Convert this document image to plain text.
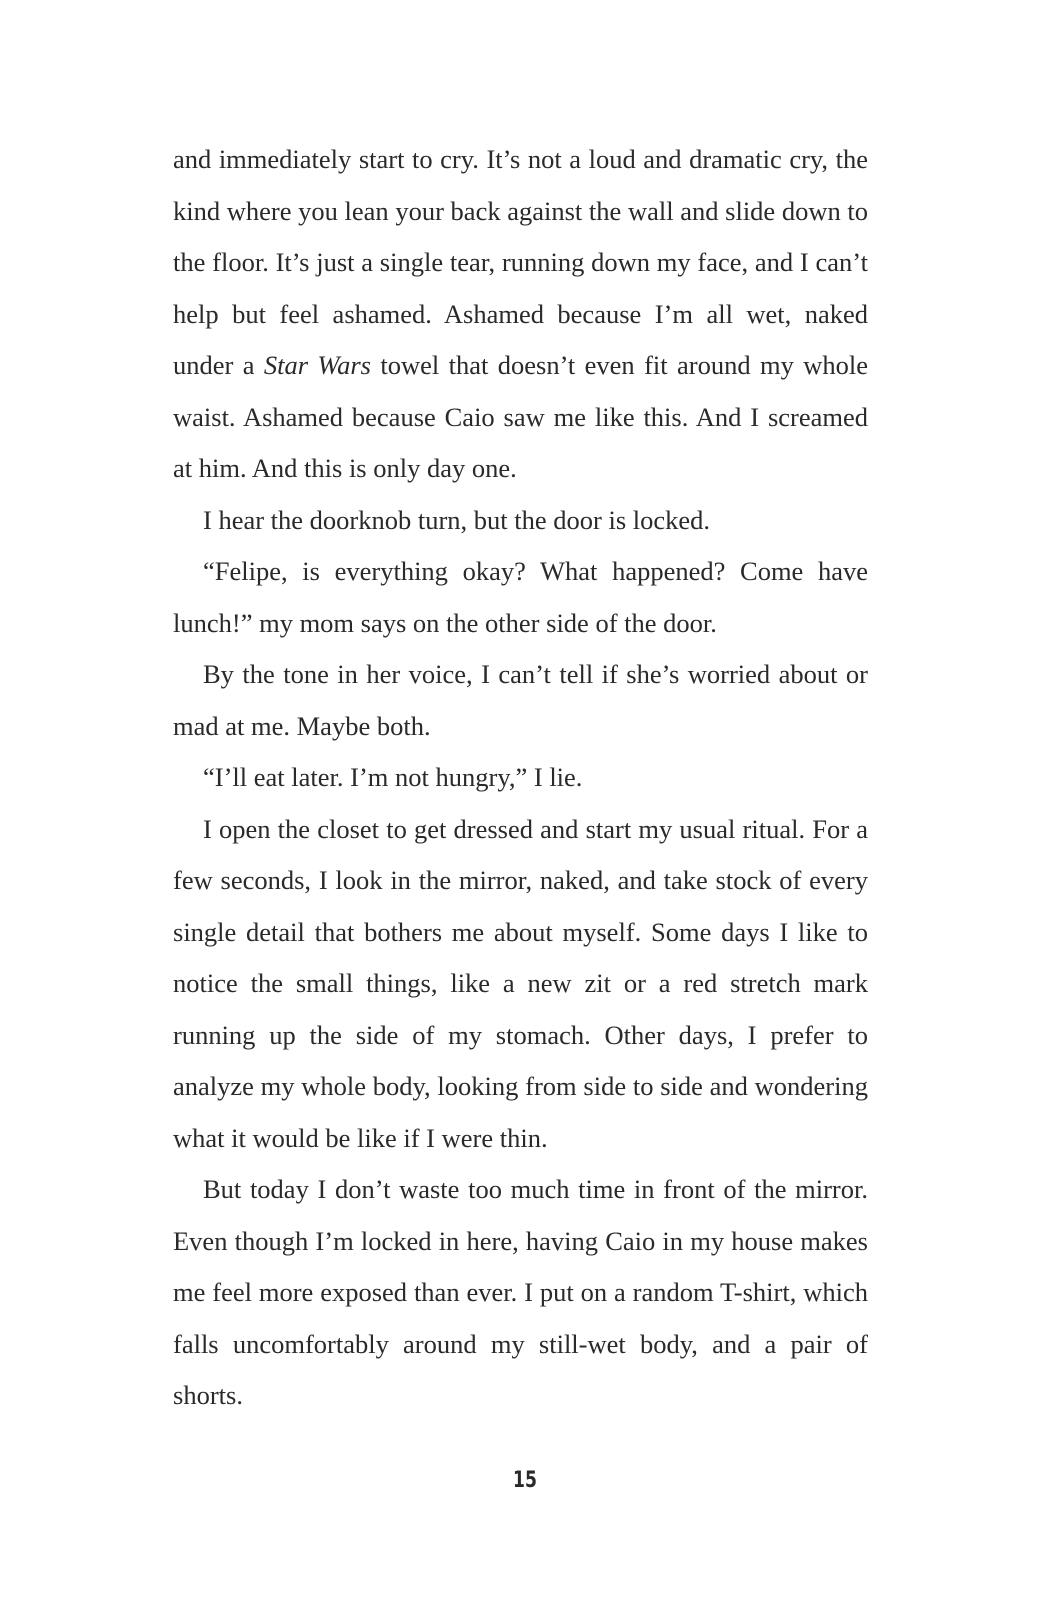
and immediately start to cry. It’s not a loud and dramatic cry, the kind where you lean your back against the wall and slide down to the floor. It’s just a single tear, running down my face, and I can’t help but feel ashamed. Ashamed because I’m all wet, naked under a Star Wars towel that doesn’t even fit around my whole waist. Ashamed because Caio saw me like this. And I screamed at him. And this is only day one.

I hear the doorknob turn, but the door is locked.

“Felipe, is everything okay? What happened? Come have lunch!” my mom says on the other side of the door.

By the tone in her voice, I can’t tell if she’s worried about or mad at me. Maybe both.

“I’ll eat later. I’m not hungry,” I lie.

I open the closet to get dressed and start my usual ritual. For a few seconds, I look in the mirror, naked, and take stock of every single detail that bothers me about myself. Some days I like to notice the small things, like a new zit or a red stretch mark running up the side of my stomach. Other days, I prefer to analyze my whole body, looking from side to side and wondering what it would be like if I were thin.

But today I don’t waste too much time in front of the mirror. Even though I’m locked in here, having Caio in my house makes me feel more exposed than ever. I put on a random T-shirt, which falls uncomfortably around my still-wet body, and a pair of shorts.

15
